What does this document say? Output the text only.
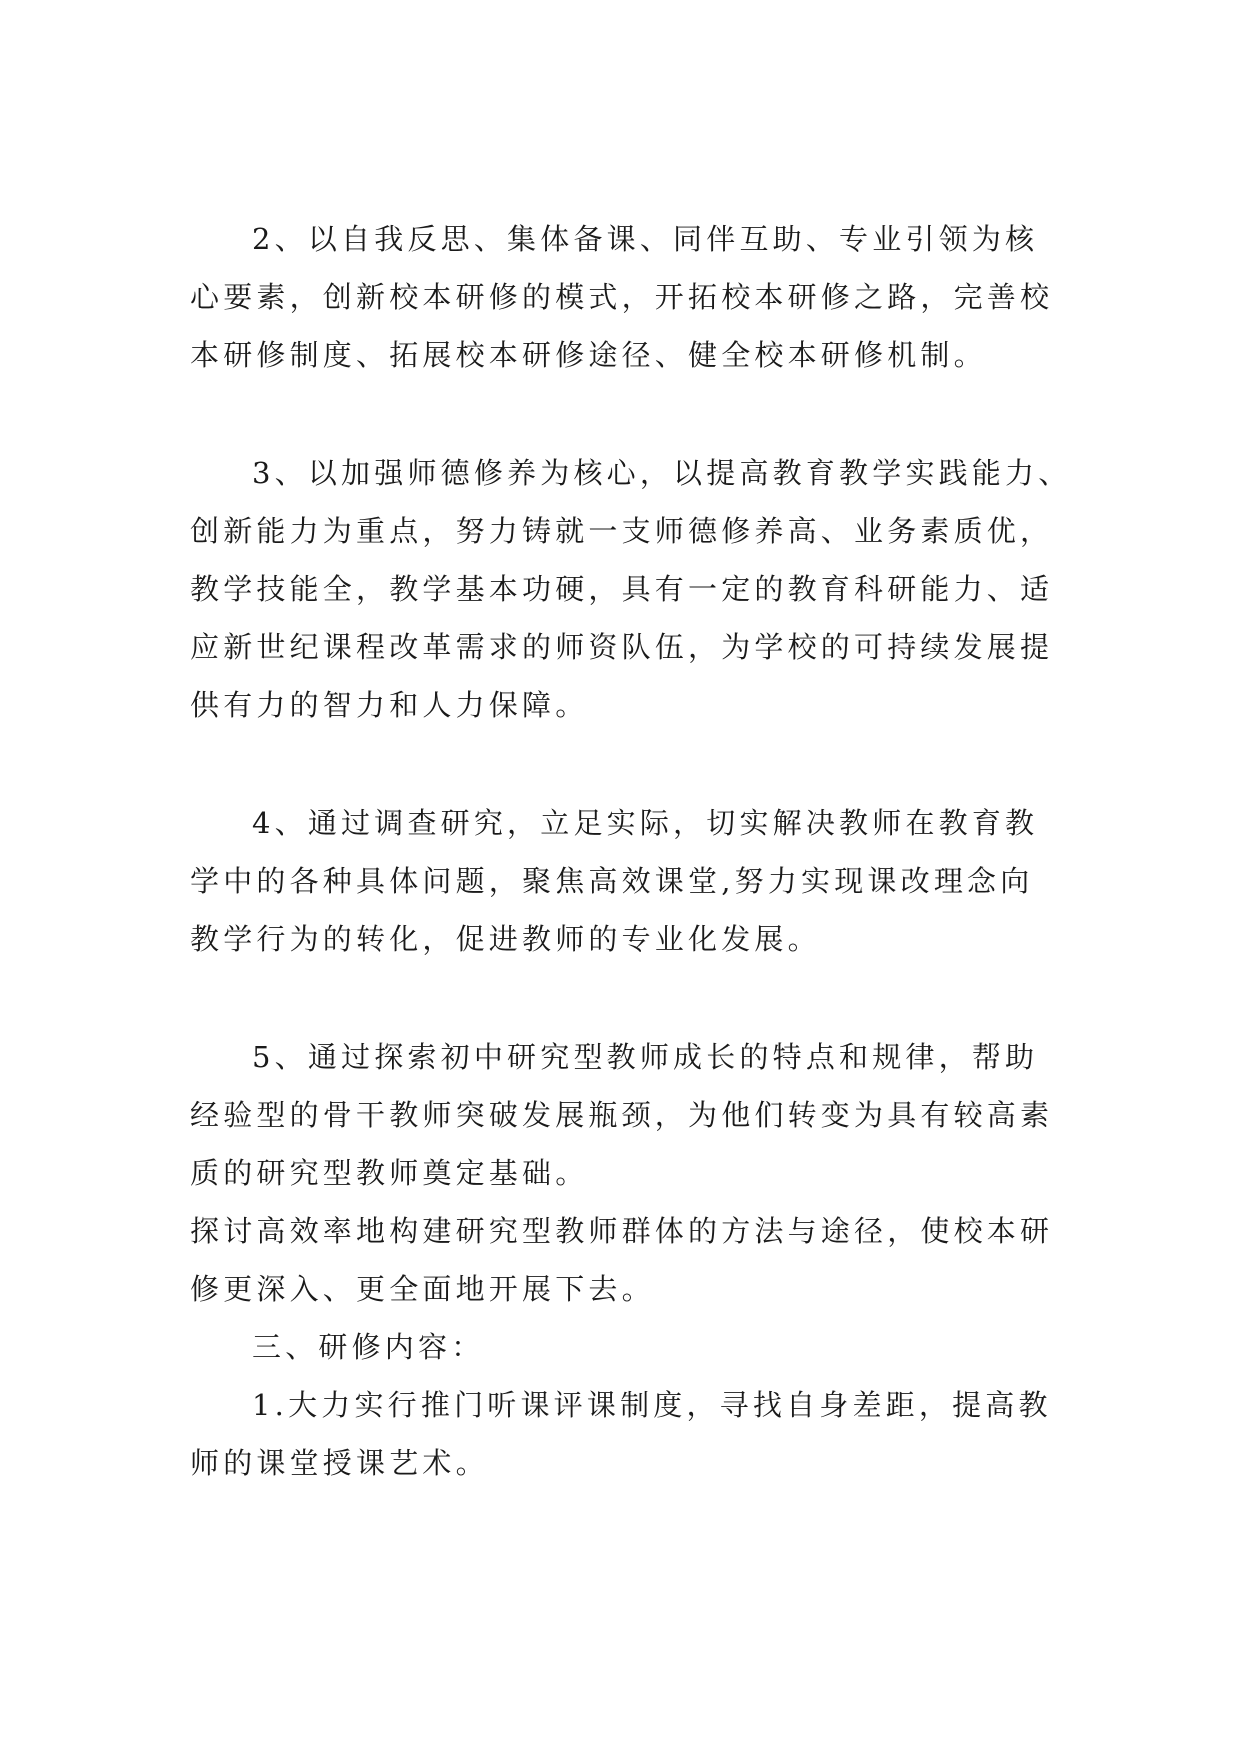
2、以自我反思、集体备课、同伴互助、专业引领为核
心要素，创新校本研修的模式，开拓校本研修之路，完善校
本研修制度、拓展校本研修途径、健全校本研修机制。
3、以加强师德修养为核心，以提高教育教学实践能力、
创新能力为重点，努力铸就一支师德修养高、业务素质优，
教学技能全，教学基本功硬，具有一定的教育科研能力、适
应新世纪课程改革需求的师资队伍，为学校的可持续发展提
供有力的智力和人力保障。
4、通过调查研究，立足实际，切实解决教师在教育教
学中的各种具体问题，聚焦高效课堂,努力实现课改理念向
教学行为的转化，促进教师的专业化发展。
5、通过探索初中研究型教师成长的特点和规律，帮助
经验型的骨干教师突破发展瓶颈，为他们转变为具有较高素
质的研究型教师奠定基础。
探讨高效率地构建研究型教师群体的方法与途径，使校本研
修更深入、更全面地开展下去。
三、研修内容：
1.大力实行推门听课评课制度，寻找自身差距，提高教
师的课堂授课艺术。
